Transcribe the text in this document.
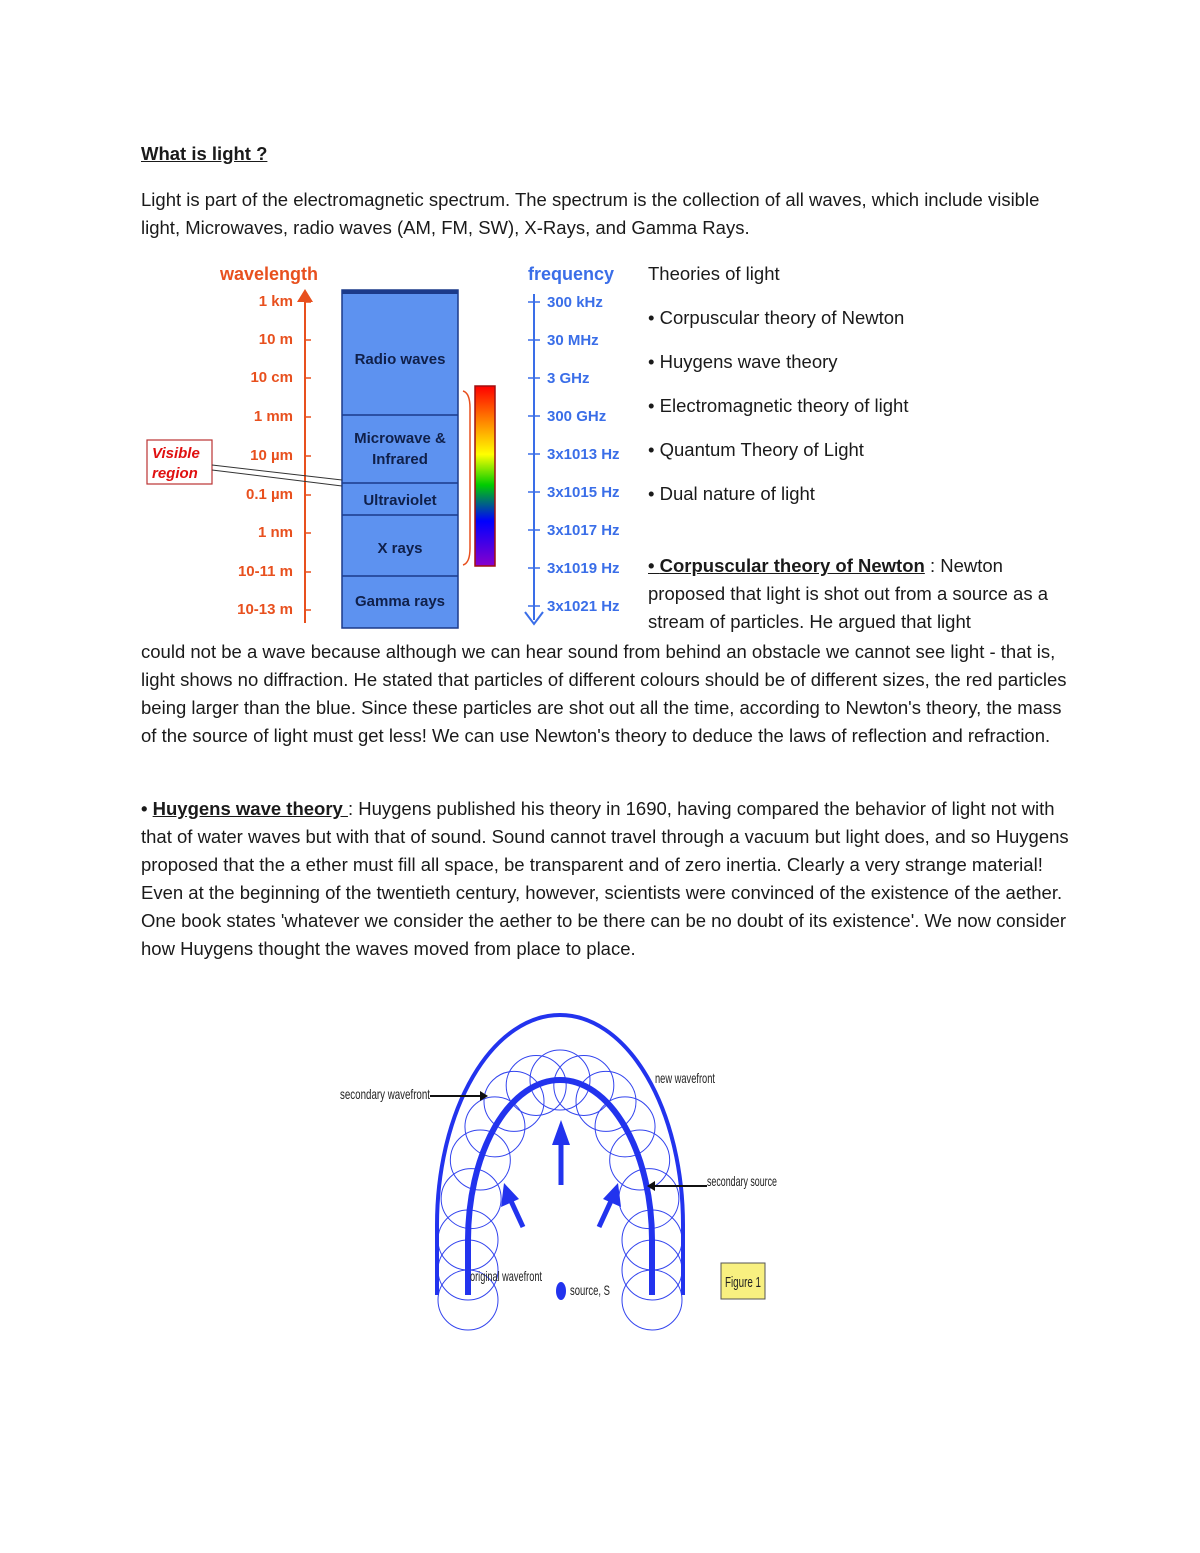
What is light ?
Light is part of the electromagnetic spectrum. The spectrum is the collection of all waves, which include visible light, Microwaves, radio waves (AM, FM, SW), X-Rays, and Gamma Rays.
wavelength	frequency
Radio waves
Microwave &
Infrared
Ultraviolet
X rays
Gamma rays
Visible
region
1 km
10 m
10 cm
1 mm
10 µm
0.1 µm
1 nm
10-11 m
10-13 m
300 kHz
30 MHz
3 GHz
300 GHz
3x1013 Hz
3x1015 Hz
3x1017 Hz
3x1019 Hz
3x1021 Hz
Theories of light
• Corpuscular theory of Newton
• Huygens wave theory
• Electromagnetic theory of light
• Quantum Theory of Light
• Dual nature of light
• Corpuscular theory of Newton : Newton proposed that light is shot out from a source as a stream of particles. He argued that light
could not be a wave because although we can hear sound from behind an obstacle we cannot see light - that is, light shows no diffraction. He stated that particles of different colours should be of different sizes, the red particles being larger than the blue. Since these particles are shot out all the time, according to Newton's theory, the mass of the source of light must get less! We can use Newton's theory to deduce the laws of reflection and refraction.
• Huygens wave theory : Huygens published his theory in 1690, having compared the behavior of light not with that of water waves but with that of sound. Sound cannot travel through a vacuum but light does, and so Huygens proposed that the a ether must fill all space, be transparent and of zero inertia. Clearly a very strange material! Even at the beginning of the twentieth century, however, scientists were convinced of the existence of the aether. One book states 'whatever we consider the aether to be there can be no doubt of its existence'. We now consider how Huygens thought the waves moved from place to place.
secondary wavefront
new wavefront
secondary source
original wavefront
source, S	Figure 1
